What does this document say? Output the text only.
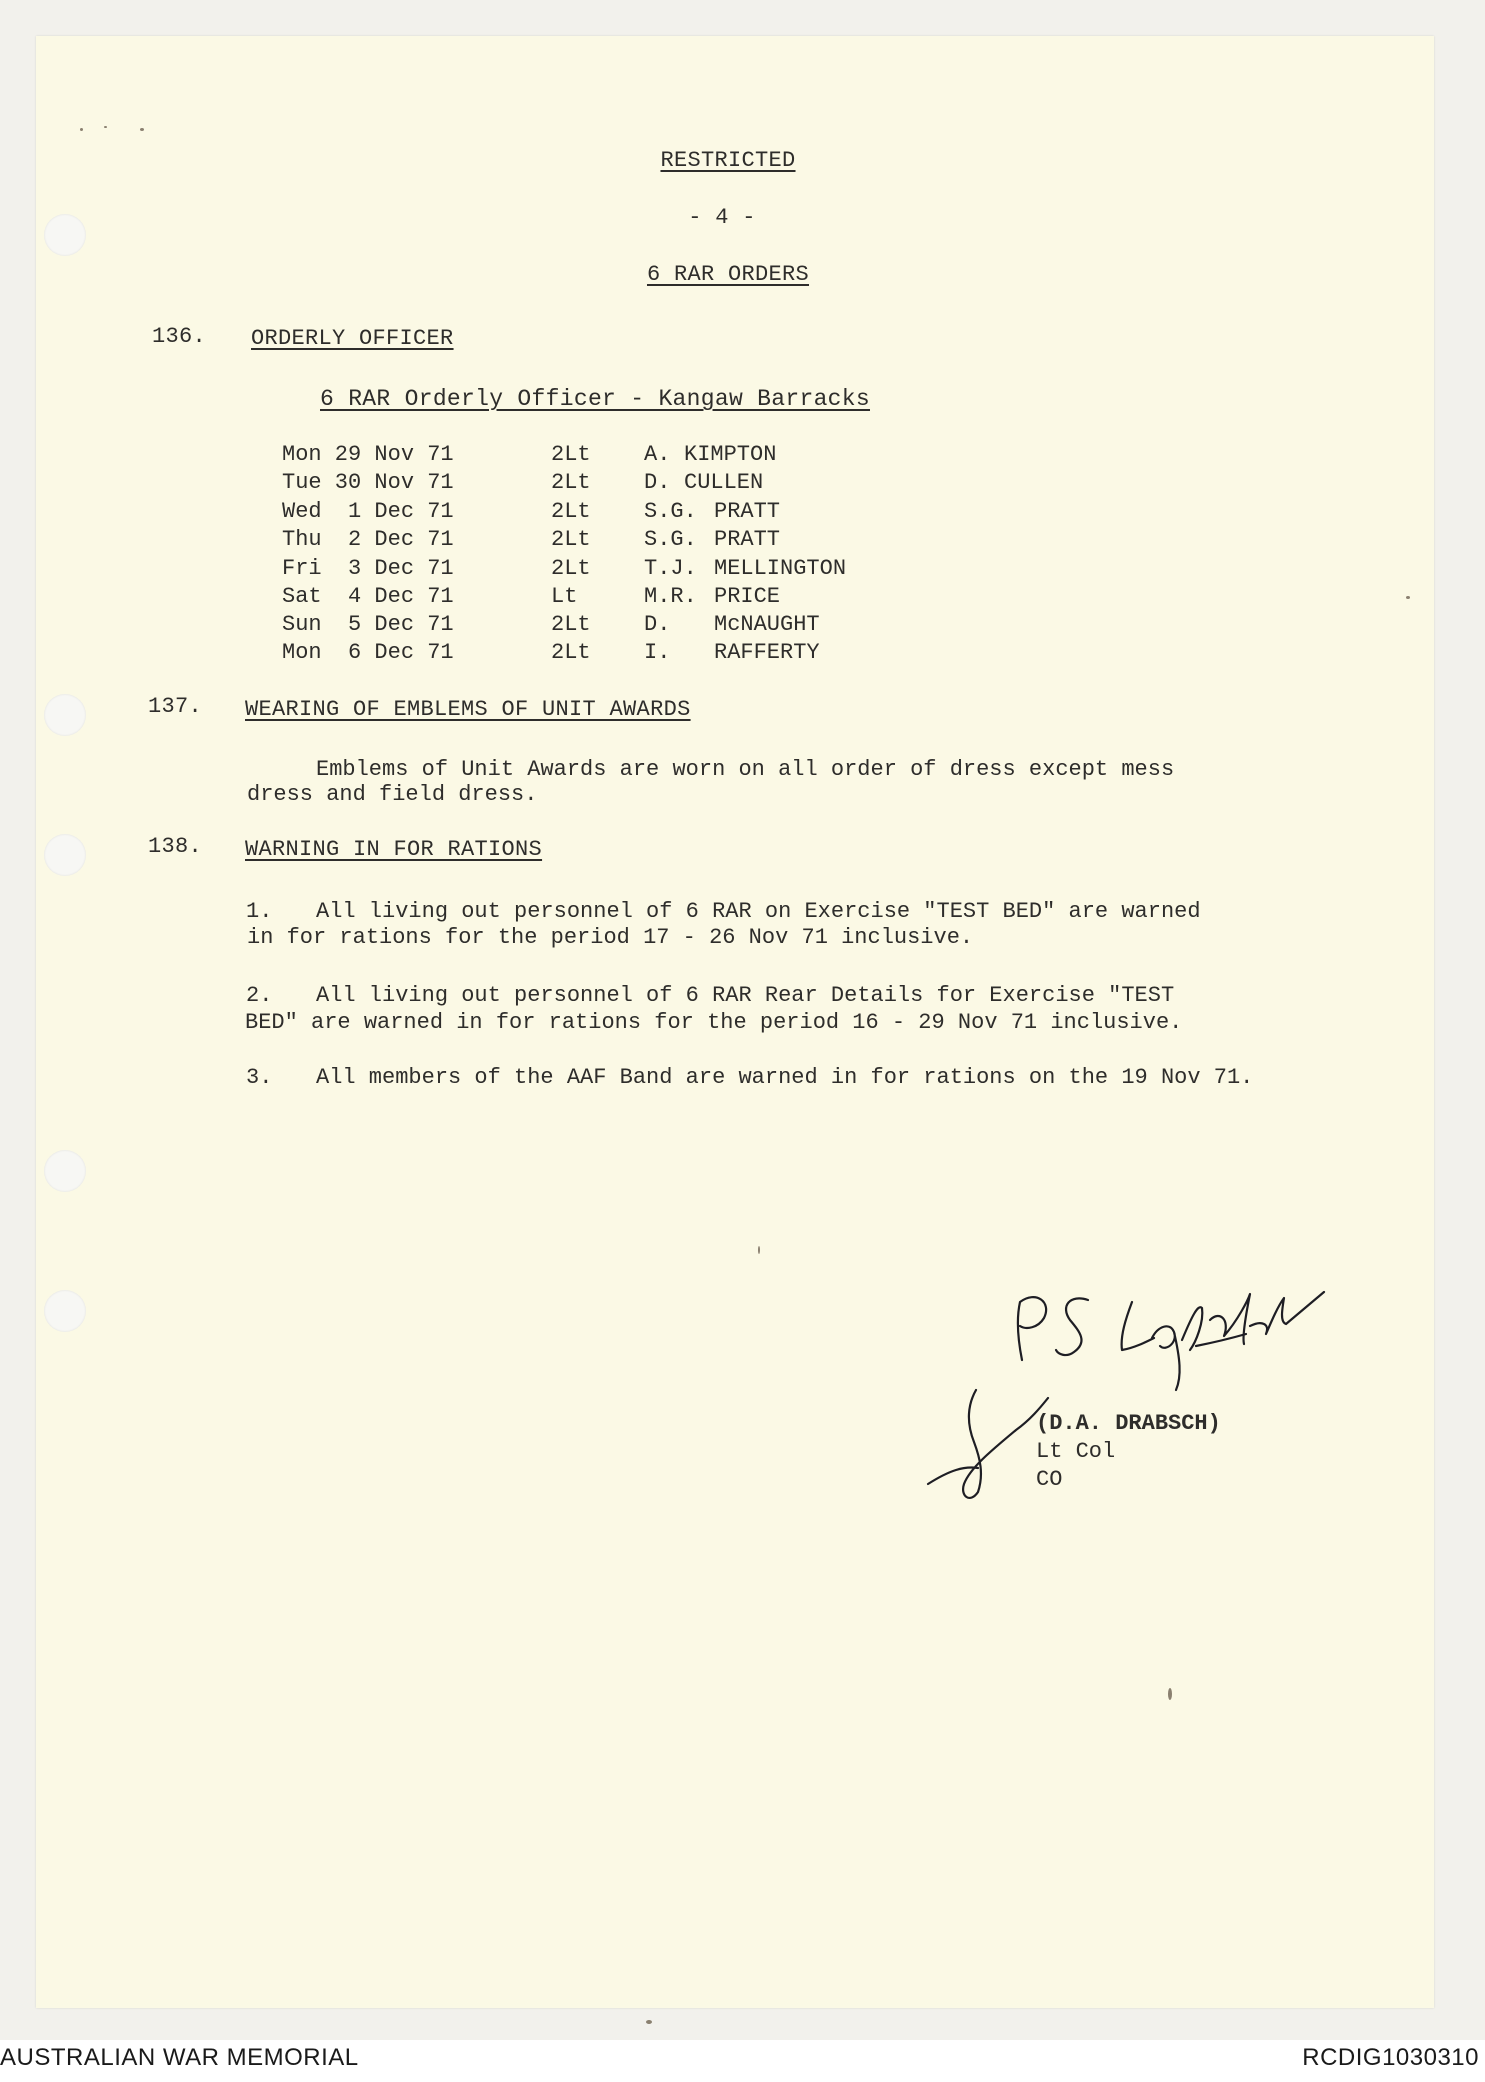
RESTRICTED
- 4 -
6 RAR ORDERS
136. ORDERLY OFFICER
6 RAR Orderly Officer - Kangaw Barracks
Mon 29 Nov 71	2Lt	A. KIMPTON
Tue 30 Nov 71	2Lt	D. CULLEN
Wed  1 Dec 71	2Lt	S.G. PRATT
Thu  2 Dec 71	2Lt	S.G. PRATT
Fri  3 Dec 71	2Lt	T.J. MELLINGTON
Sat  4 Dec 71	Lt	M.R. PRICE
Sun  5 Dec 71	2Lt	D.	McNAUGHT
Mon  6 Dec 71	2Lt	I.	RAFFERTY
137. WEARING OF EMBLEMS OF UNIT AWARDS
Emblems of Unit Awards are worn on all order of dress except mess
dress and field dress.
138. WARNING IN FOR RATIONS
1. All living out personnel of 6 RAR on Exercise "TEST BED" are warned
in for rations for the period 17 - 26 Nov 71 inclusive.
2. All living out personnel of 6 RAR Rear Details for Exercise "TEST
BED" are warned in for rations for the period 16 - 29 Nov 71 inclusive.
3. All members of the AAF Band are warned in for rations on the 19 Nov 71.
(D.A. DRABSCH)
Lt Col
CO
AUSTRALIAN WAR MEMORIAL	RCDIG1030310
